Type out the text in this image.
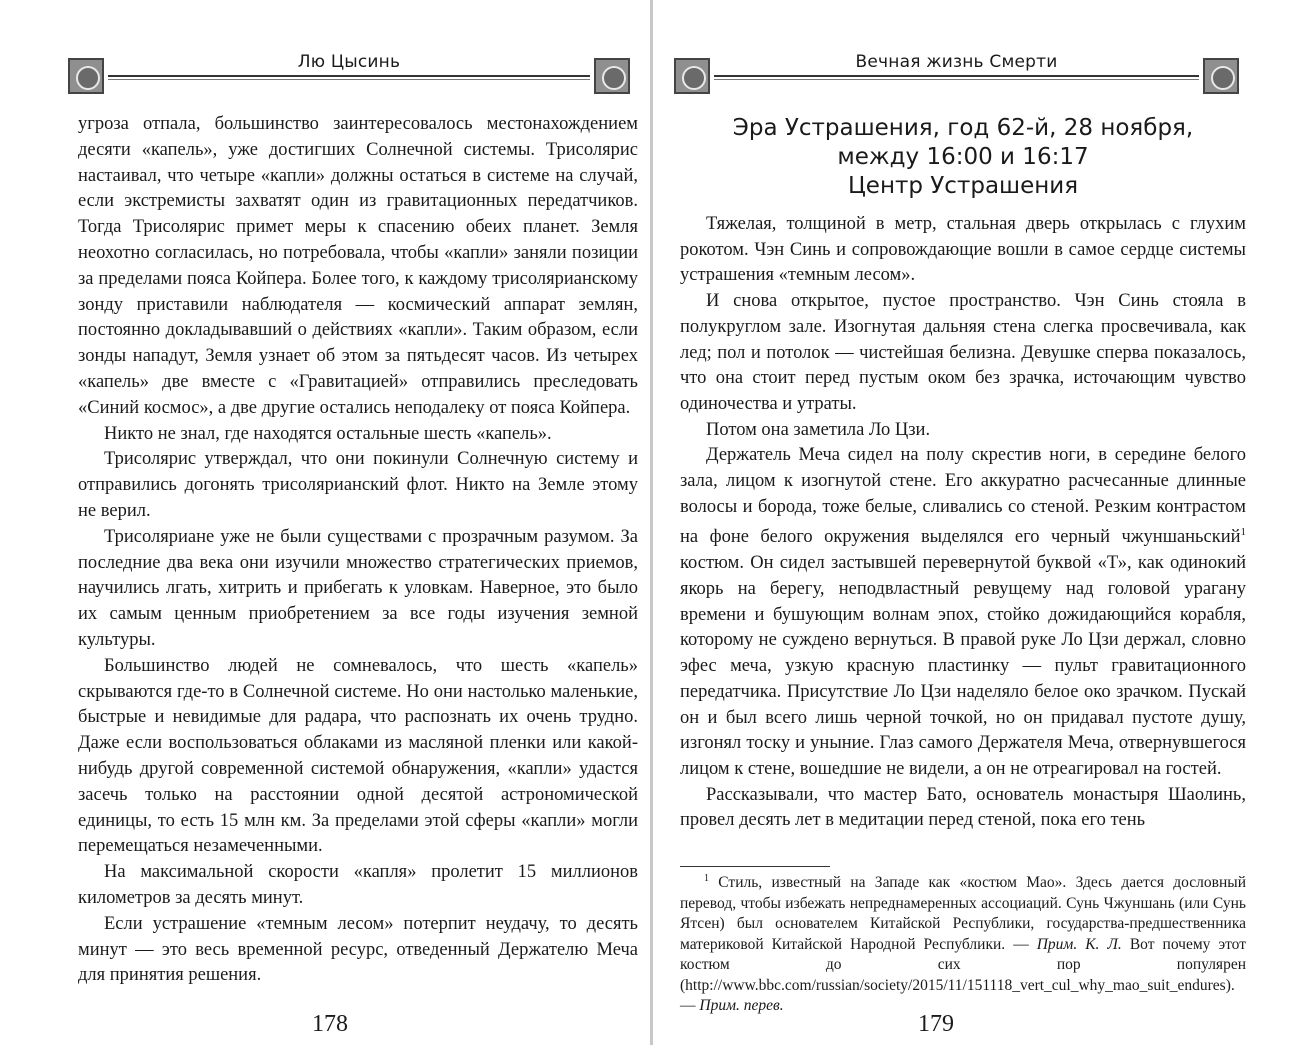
Лю Цысинь

угроза отпала, большинство заинтересовалось местонахождением десяти «капель», уже достигших Солнечной системы. Трисолярис настаивал, что четыре «капли» должны остаться в системе на случай, если экстремисты захватят один из гравитационных передатчиков. Тогда Трисолярис примет меры к спасению обеих планет. Земля неохотно согласилась, но потребовала, чтобы «капли» заняли позиции за пределами пояса Койпера. Более того, к каждому трисолярианскому зонду приставили наблюдателя — космический аппарат землян, постоянно докладывавший о действиях «капли». Таким образом, если зонды нападут, Земля узнает об этом за пятьдесят часов. Из четырех «капель» две вместе с «Гравитацией» отправились преследовать «Синий космос», а две другие остались неподалеку от пояса Койпера.

Никто не знал, где находятся остальные шесть «капель».

Трисолярис утверждал, что они покинули Солнечную систему и отправились догонять трисолярианский флот. Никто на Земле этому не верил.

Трисоляриане уже не были существами с прозрачным разумом. За последние два века они изучили множество стратегических приемов, научились лгать, хитрить и прибегать к уловкам. Наверное, это было их самым ценным приобретением за все годы изучения земной культуры.

Большинство людей не сомневалось, что шесть «капель» скрываются где-то в Солнечной системе. Но они настолько маленькие, быстрые и невидимые для радара, что распознать их очень трудно. Даже если воспользоваться облаками из масляной пленки или какой-нибудь другой современной системой обнаружения, «капли» удастся засечь только на расстоянии одной десятой астрономической единицы, то есть 15 млн км. За пределами этой сферы «капли» могли перемещаться незамеченными.

На максимальной скорости «капля» пролетит 15 миллионов километров за десять минут.

Если устрашение «темным лесом» потерпит неудачу, то десять минут — это весь временной ресурс, отведенный Держателю Меча для принятия решения.

178
Вечная жизнь Смерти
Эра Устрашения, год 62-й, 28 ноября,
между 16:00 и 16:17
Центр Устрашения

Тяжелая, толщиной в метр, стальная дверь открылась с глухим рокотом. Чэн Синь и сопровождающие вошли в самое сердце системы устрашения «темным лесом».

И снова открытое, пустое пространство. Чэн Синь стояла в полукруглом зале. Изогнутая дальняя стена слегка просвечивала, как лед; пол и потолок — чистейшая белизна. Девушке сперва показалось, что она стоит перед пустым оком без зрачка, источающим чувство одиночества и утраты.

Потом она заметила Ло Цзи.

Держатель Меча сидел на полу скрестив ноги, в середине белого зала, лицом к изогнутой стене. Его аккуратно расчесанные длинные волосы и борода, тоже белые, сливались со стеной. Резким контрастом на фоне белого окружения выделялся его черный чжуншаньский$^1$ костюм. Он сидел застывшей перевернутой буквой «Т», как одинокий якорь на берегу, неподвластный ревущему над головой урагану времени и бушующим волнам эпох, стойко дожидающийся корабля, которому не суждено вернуться. В правой руке Ло Цзи держал, словно эфес меча, узкую красную пластинку — пульт гравитационного передатчика. Присутствие Ло Цзи наделяло белое око зрачком. Пускай он и был всего лишь черной точкой, но он придавал пустоте душу, изгонял тоску и уныние. Глаз самого Держателя Меча, отвернувшегося лицом к стене, вошедшие не видели, а он не отреагировал на гостей.

Рассказывали, что мастер Бато, основатель монастыря Шаолинь, провел десять лет в медитации перед стеной, пока его тень

$^1$ Стиль, известный на Западе как «костюм Мао». Здесь дается дословный перевод, чтобы избежать непреднамеренных ассоциаций. Сунь Чжуншань (или Сунь Ятсен) был основателем Китайской Республики, государства-предшественника материковой Китайской Народной Республики. — Прим. К. Л. Вот почему этот костюм до сих пор популярен (http://www.bbc.com/russian/society/2015/11/151118_vert_cul_why_mao_suit_endures). — Прим. перев.

179
